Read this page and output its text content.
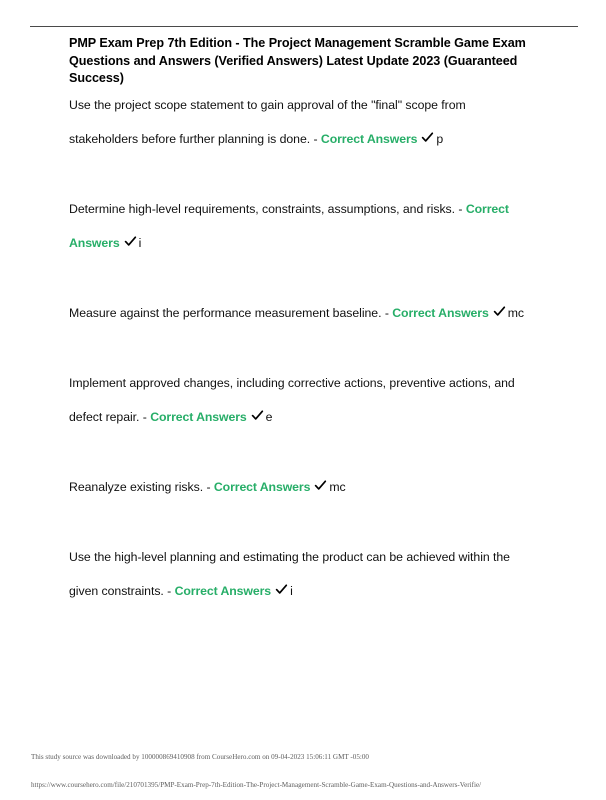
PMP Exam Prep 7th Edition - The Project Management Scramble Game Exam Questions and Answers (Verified Answers) Latest Update 2023 (Guaranteed Success)

Use the project scope statement to gain approval of the "final" scope from stakeholders before further planning is done. - Correct Answers p

Determine high-level requirements, constraints, assumptions, and risks. - Correct Answers i

Measure against the performance measurement baseline. - Correct Answers mc

Implement approved changes, including corrective actions, preventive actions, and defect repair. - Correct Answers e

Reanalyze existing risks. - Correct Answers mc

Use the high-level planning and estimating the product can be achieved within the given constraints. - Correct Answers i

This study source was downloaded by 100000869410908 from CourseHero.com on 09-04-2023 15:06:11 GMT -05:00
https://www.coursehero.com/file/210701395/PMP-Exam-Prep-7th-Edition-The-Project-Management-Scramble-Game-Exam-Questions-and-Answers-Verifie/
